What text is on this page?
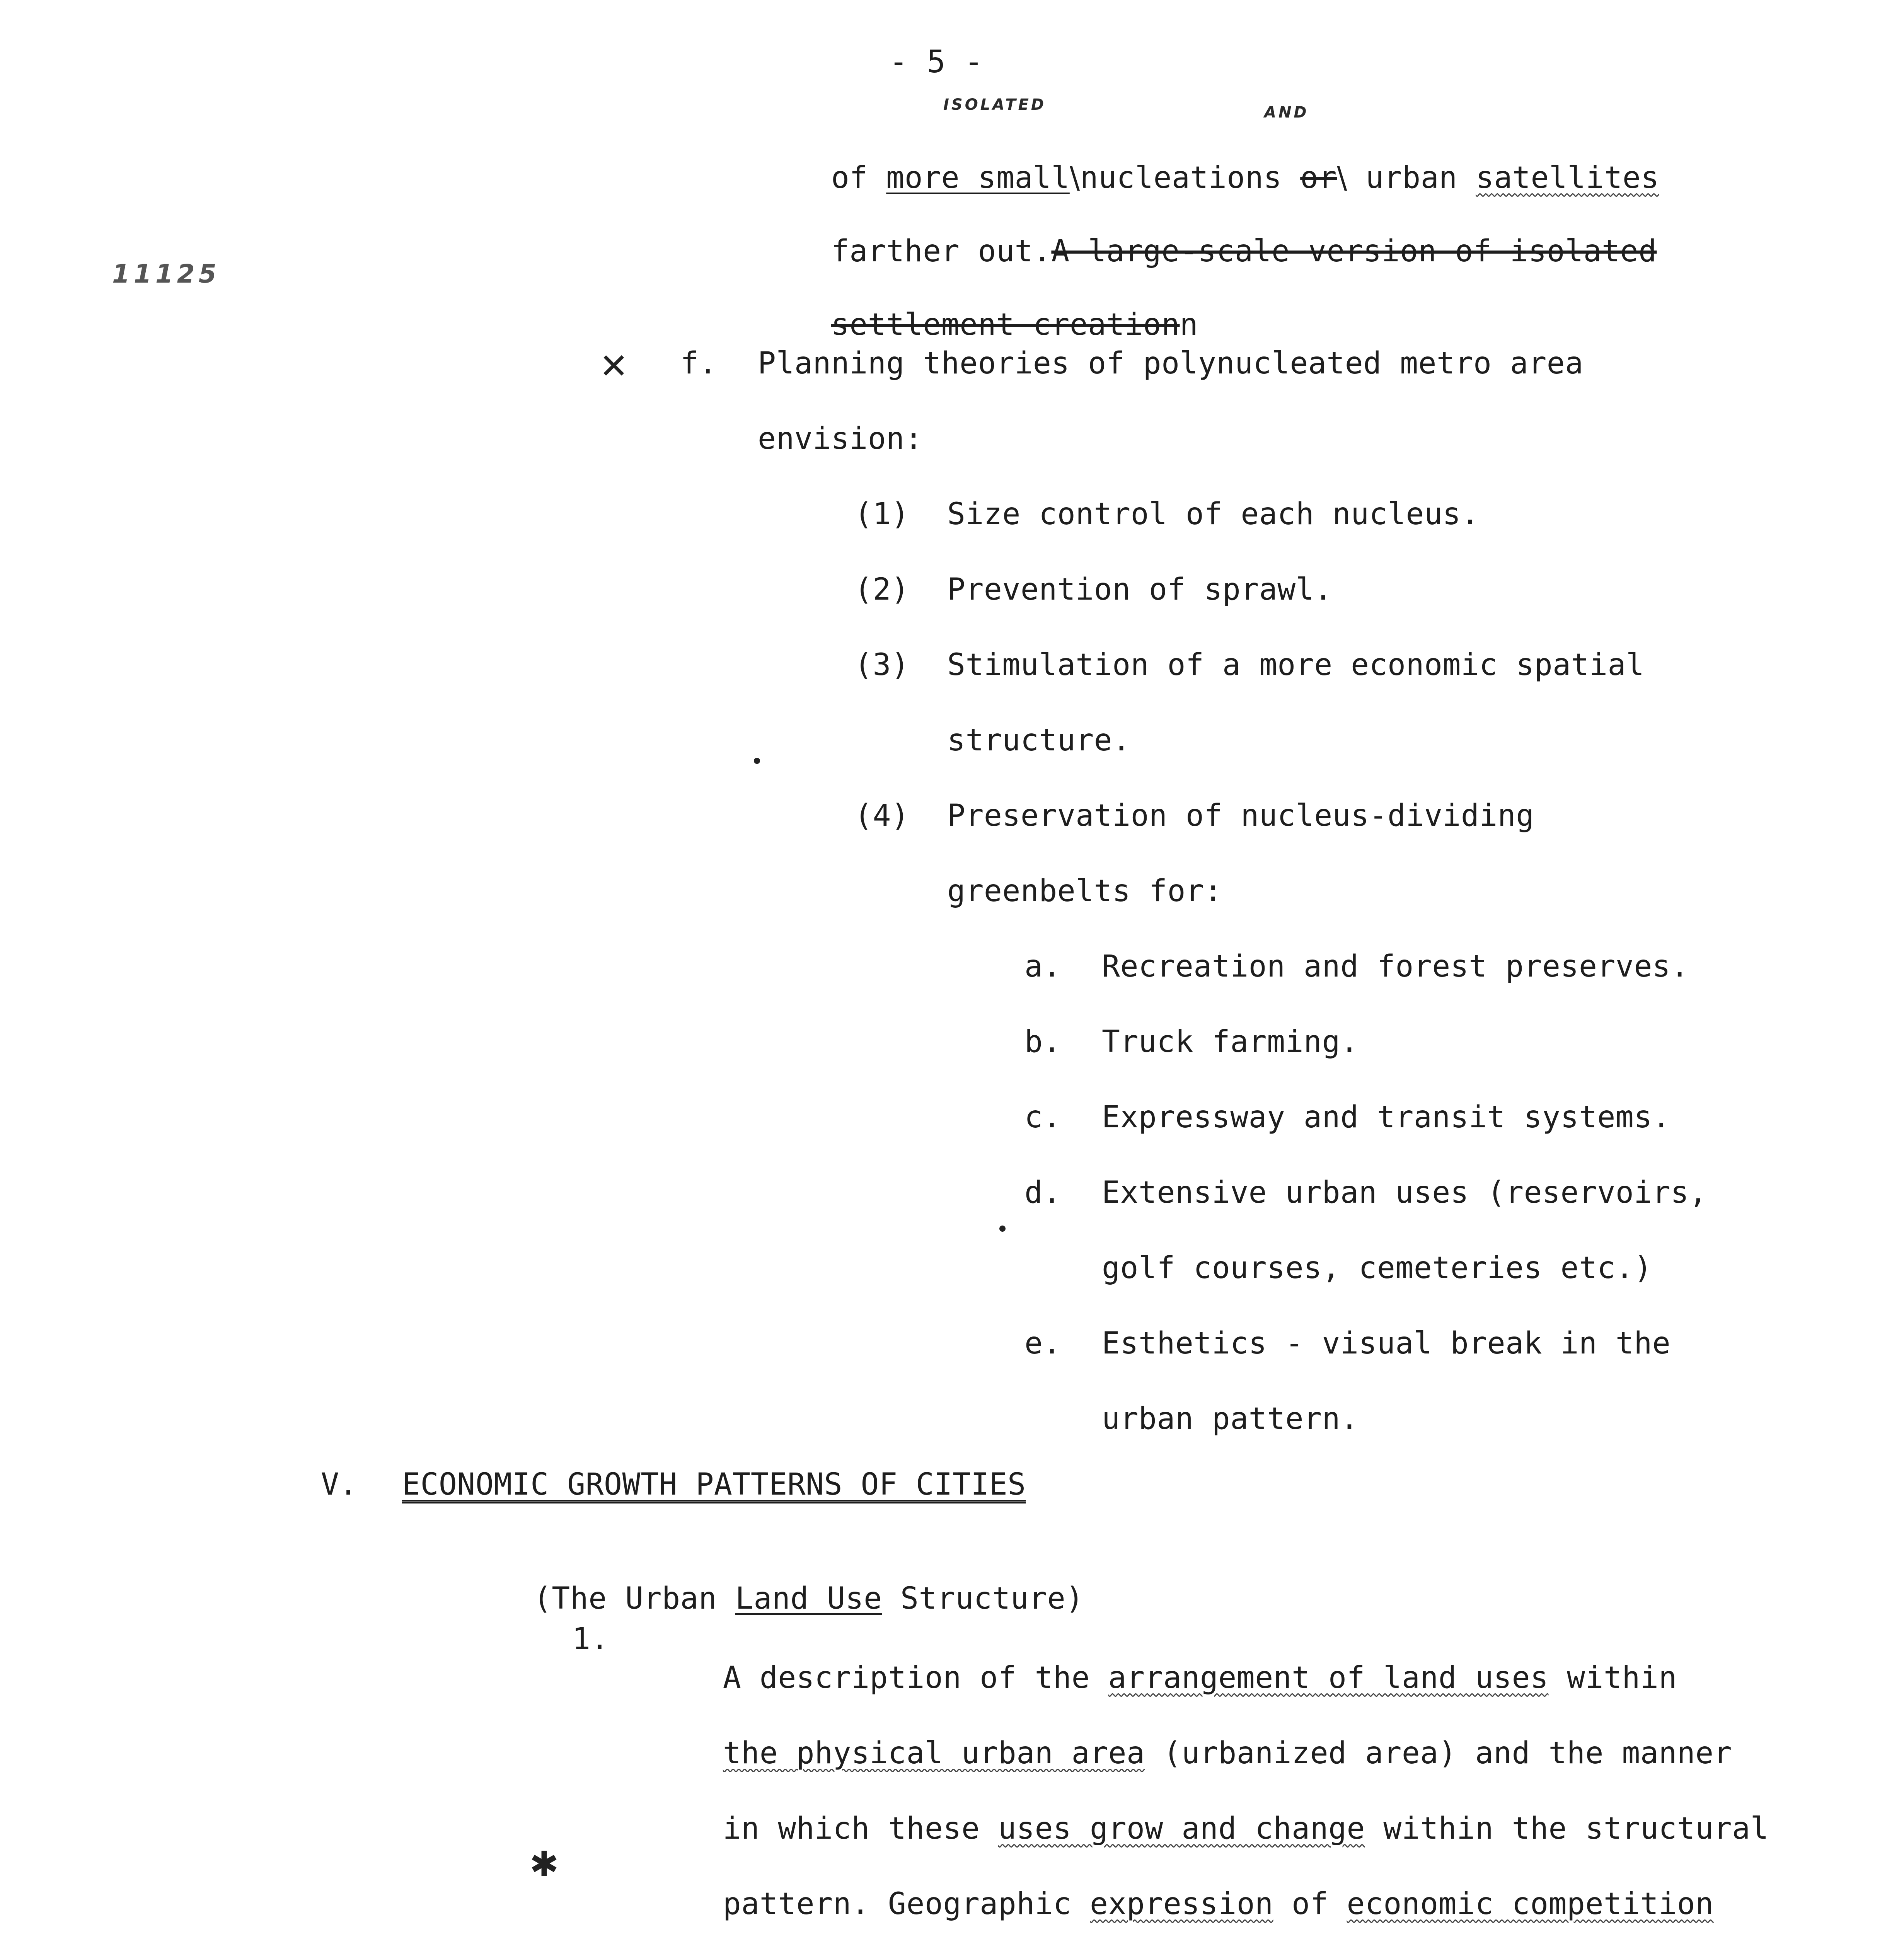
- 5 -
ISOLATED	AND
11125

of more small\nucleations or\ urban satellites

farther out.A large-scale version of isolated

settlement creationn

✕ f. Planning theories of polynucleated metro area
envision:
(1) Size control of each nucleus.
(2) Prevention of sprawl.
(3) Stimulation of a more economic spatial
structure.
(4) Preservation of nucleus-dividing
greenbelts for:
a. Recreation and forest preserves.
b. Truck farming.
c. Expressway and transit systems.
d. Extensive urban uses (reservoirs,
golf courses, cemeteries etc.)
e. Esthetics - visual break in the
urban pattern.
V. ECONOMIC GROWTH PATTERNS OF CITIES

(The Urban Land Use Structure)

1.

A description of the arrangement of land uses within

the physical urban area (urbanized area) and the manner

in which these uses grow and change within the structural

✱

pattern. Geographic expression of economic competition
